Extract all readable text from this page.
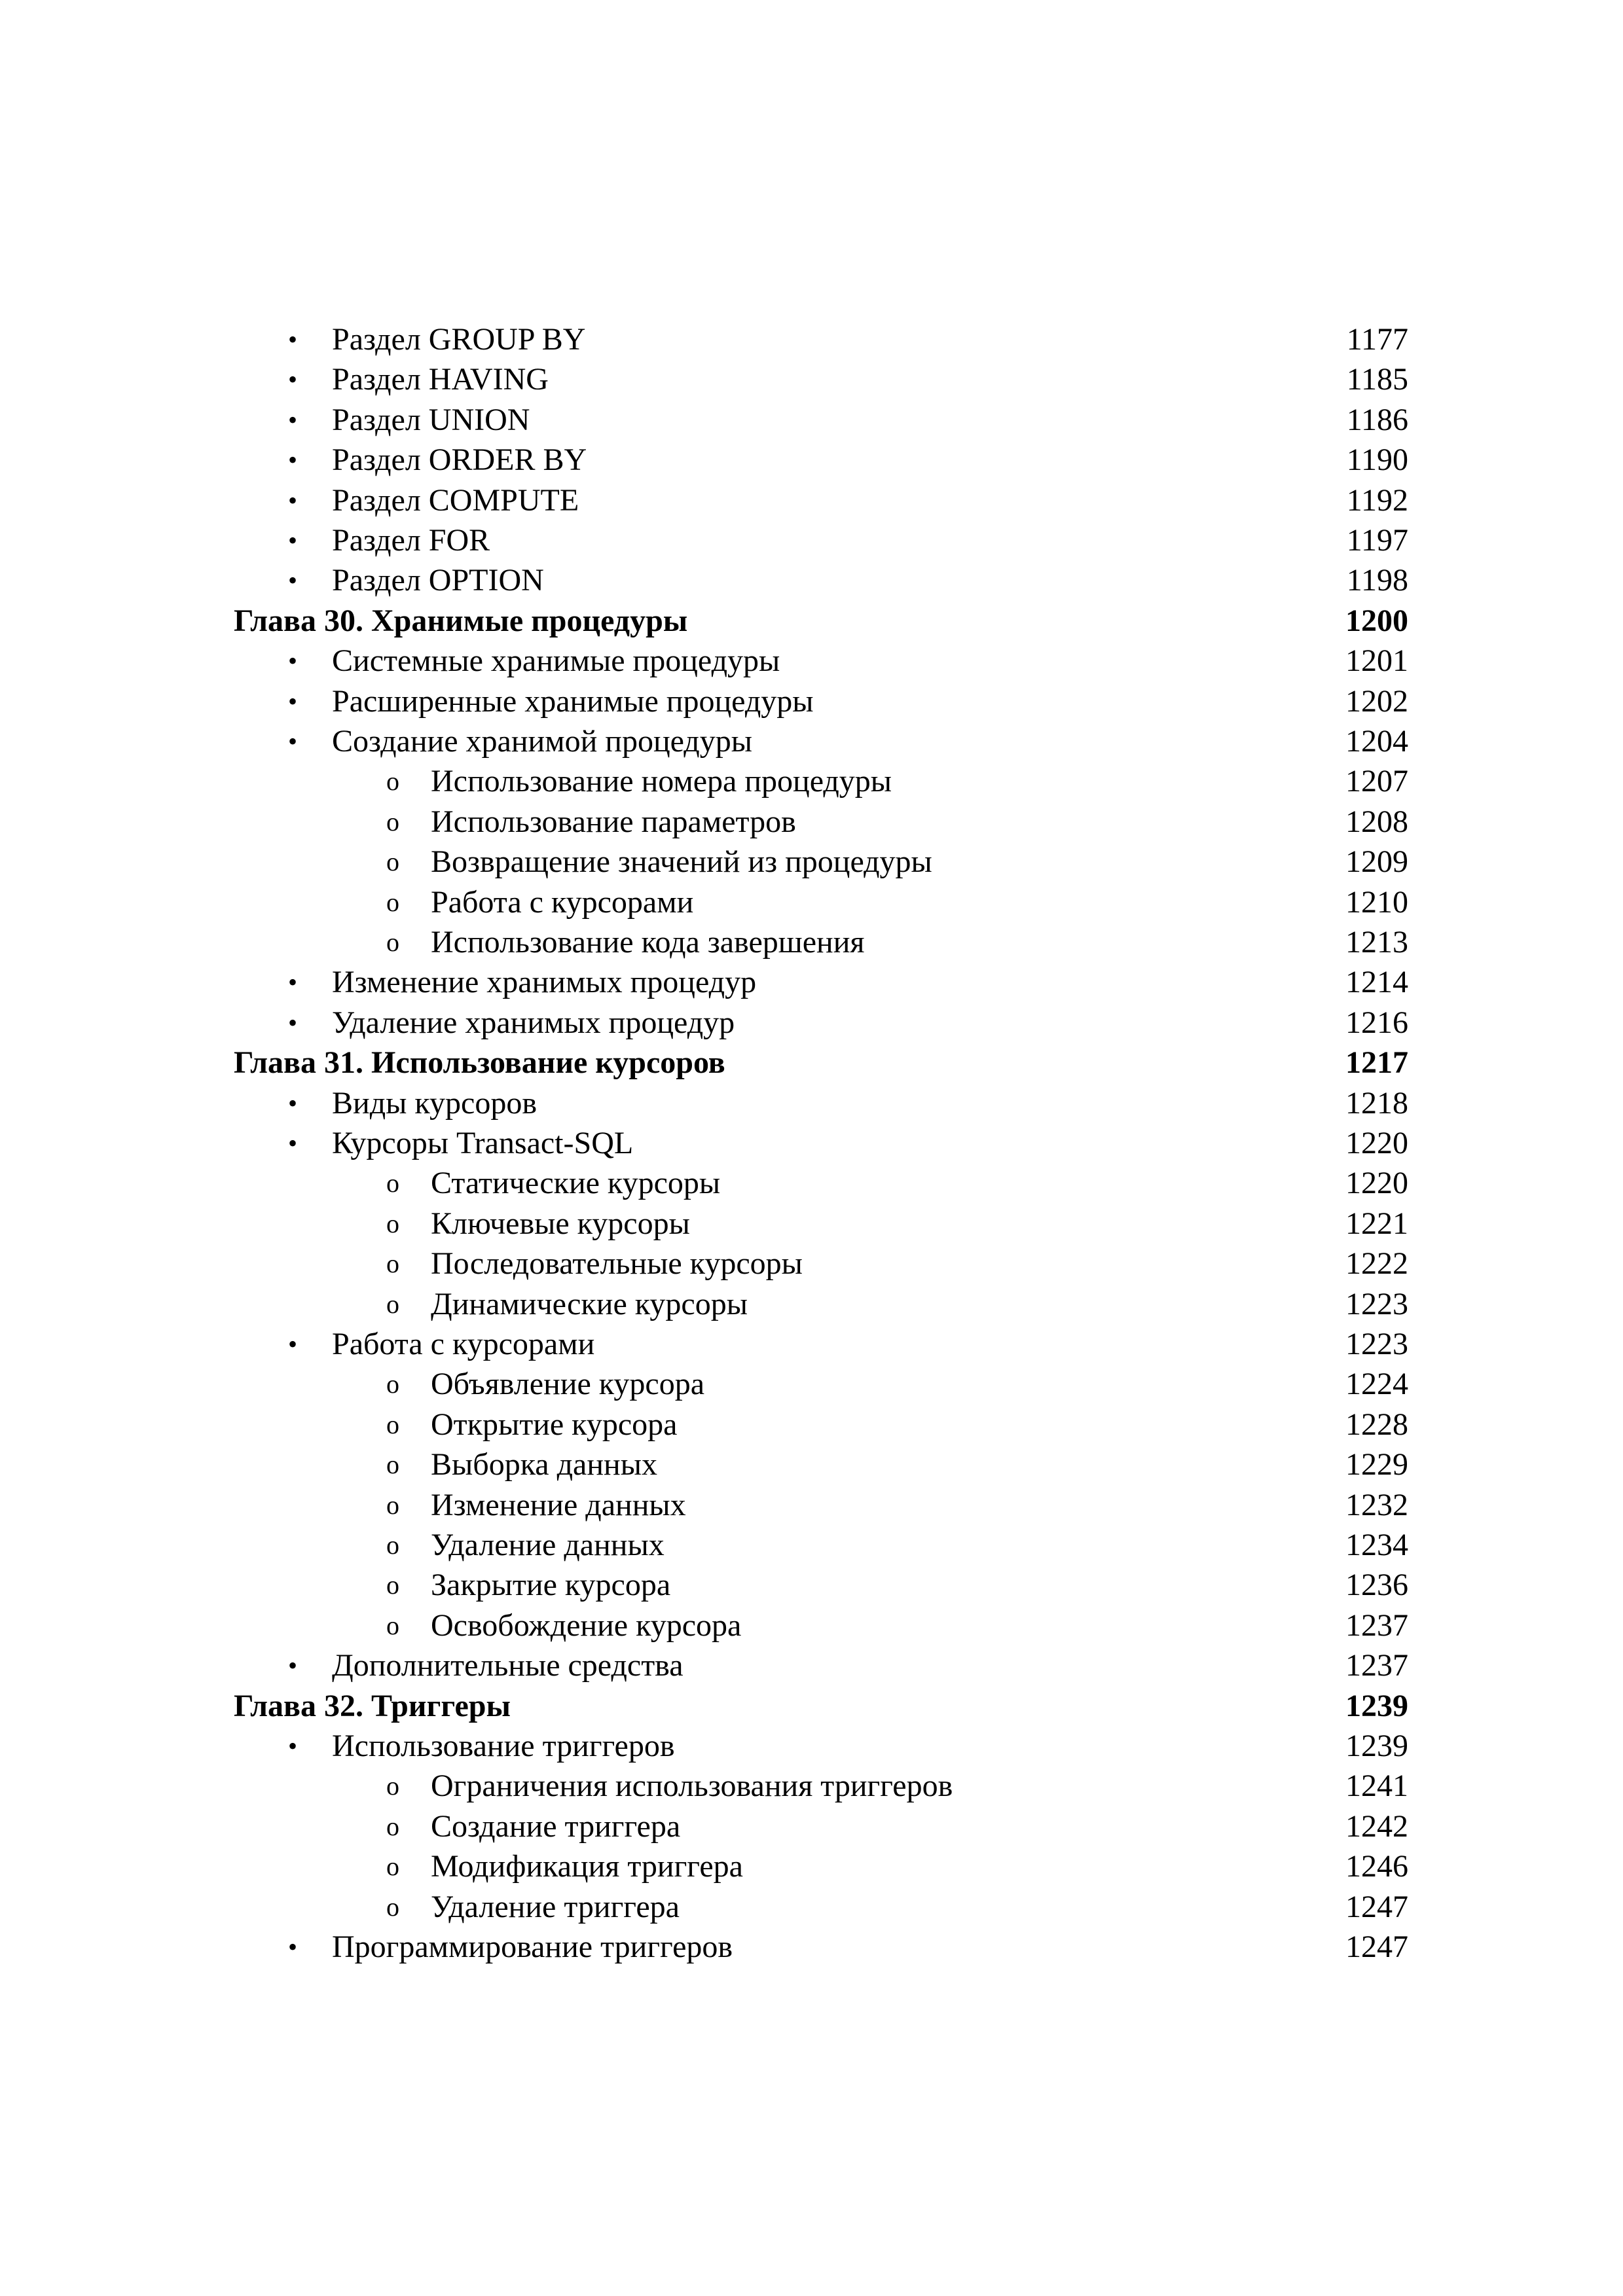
• Раздел GROUP BY	1177
• Раздел HAVING	1185
• Раздел UNION	1186
• Раздел ORDER BY	1190
• Раздел COMPUTE	1192
• Раздел FOR	1197
• Раздел OPTION	1198
Глава 30. Хранимые процедуры	1200
• Системные хранимые процедуры	1201
• Расширенные хранимые процедуры	1202
• Создание хранимой процедуры	1204
o Использование номера процедуры	1207
o Использование параметров	1208
o Возвращение значений из процедуры	1209
o Работа с курсорами	1210
o Использование кода завершения	1213
• Изменение хранимых процедур	1214
• Удаление хранимых процедур	1216
Глава 31. Использование курсоров	1217
• Виды курсоров	1218
• Курсоры Transact-SQL	1220
o Статические курсоры	1220
o Ключевые курсоры	1221
o Последовательные курсоры	1222
o Динамические курсоры	1223
• Работа с курсорами	1223
o Объявление курсора	1224
o Открытие курсора	1228
o Выборка данных	1229
o Изменение данных	1232
o Удаление данных	1234
o Закрытие курсора	1236
o Освобождение курсора	1237
• Дополнительные средства	1237
Глава 32. Триггеры	1239
• Использование триггеров	1239
o Ограничения использования триггеров	1241
o Создание триггера	1242
o Модификация триггера	1246
o Удаление триггера	1247
• Программирование триггеров	1247
